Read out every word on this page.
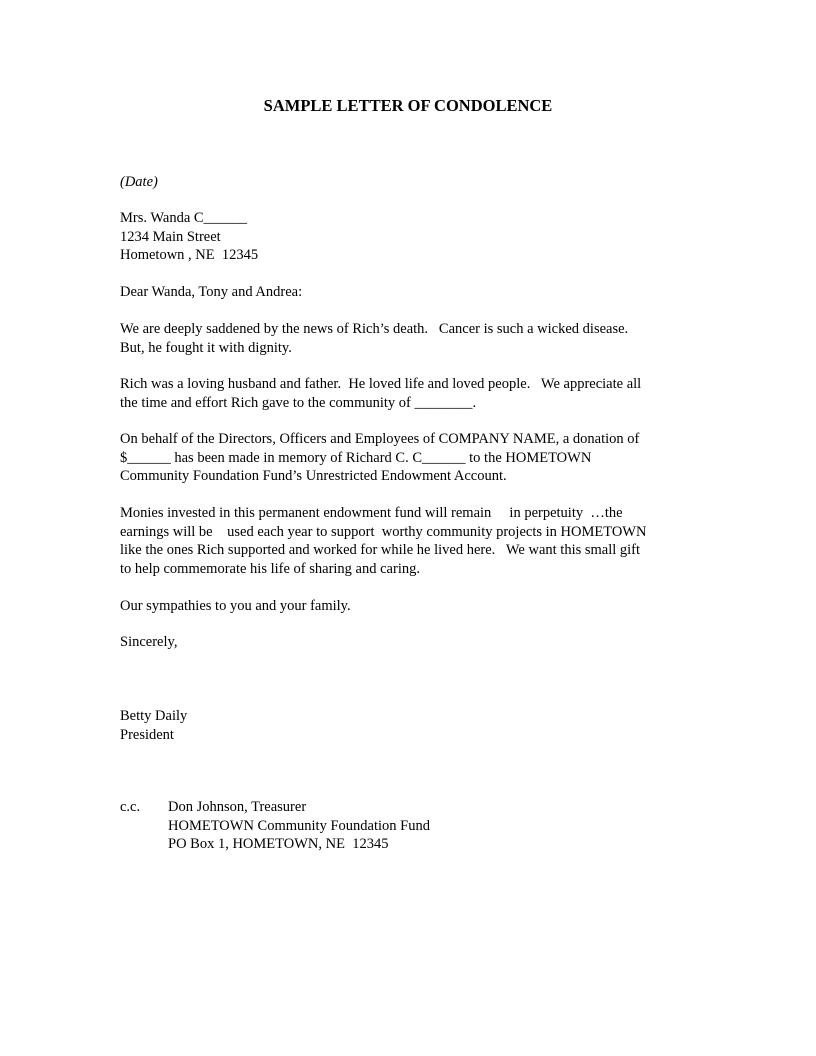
SAMPLE LETTER OF CONDOLENCE
(Date)
Mrs. Wanda C______
1234 Main Street
Hometown , NE  12345
Dear Wanda, Tony and Andrea:
We are deeply saddened by the news of Rich’s death.   Cancer is such a wicked disease.
But, he fought it with dignity.
Rich was a loving husband and father.  He loved life and loved people.   We appreciate all
the time and effort Rich gave to the community of ________.
On behalf of the Directors, Officers and Employees of COMPANY NAME, a donation of
$______ has been made in memory of Richard C. C______ to the HOMETOWN
Community Foundation Fund’s Unrestricted Endowment Account.
Monies invested in this permanent endowment fund will remain     in perpetuity  …the
earnings will be    used each year to support  worthy community projects in HOMETOWN
like the ones Rich supported and worked for while he lived here.   We want this small gift
to help commemorate his life of sharing and caring.
Our sympathies to you and your family.
Sincerely,
Betty Daily
President
c.c. Don Johnson, Treasurer
HOMETOWN Community Foundation Fund
PO Box 1, HOMETOWN, NE  12345
